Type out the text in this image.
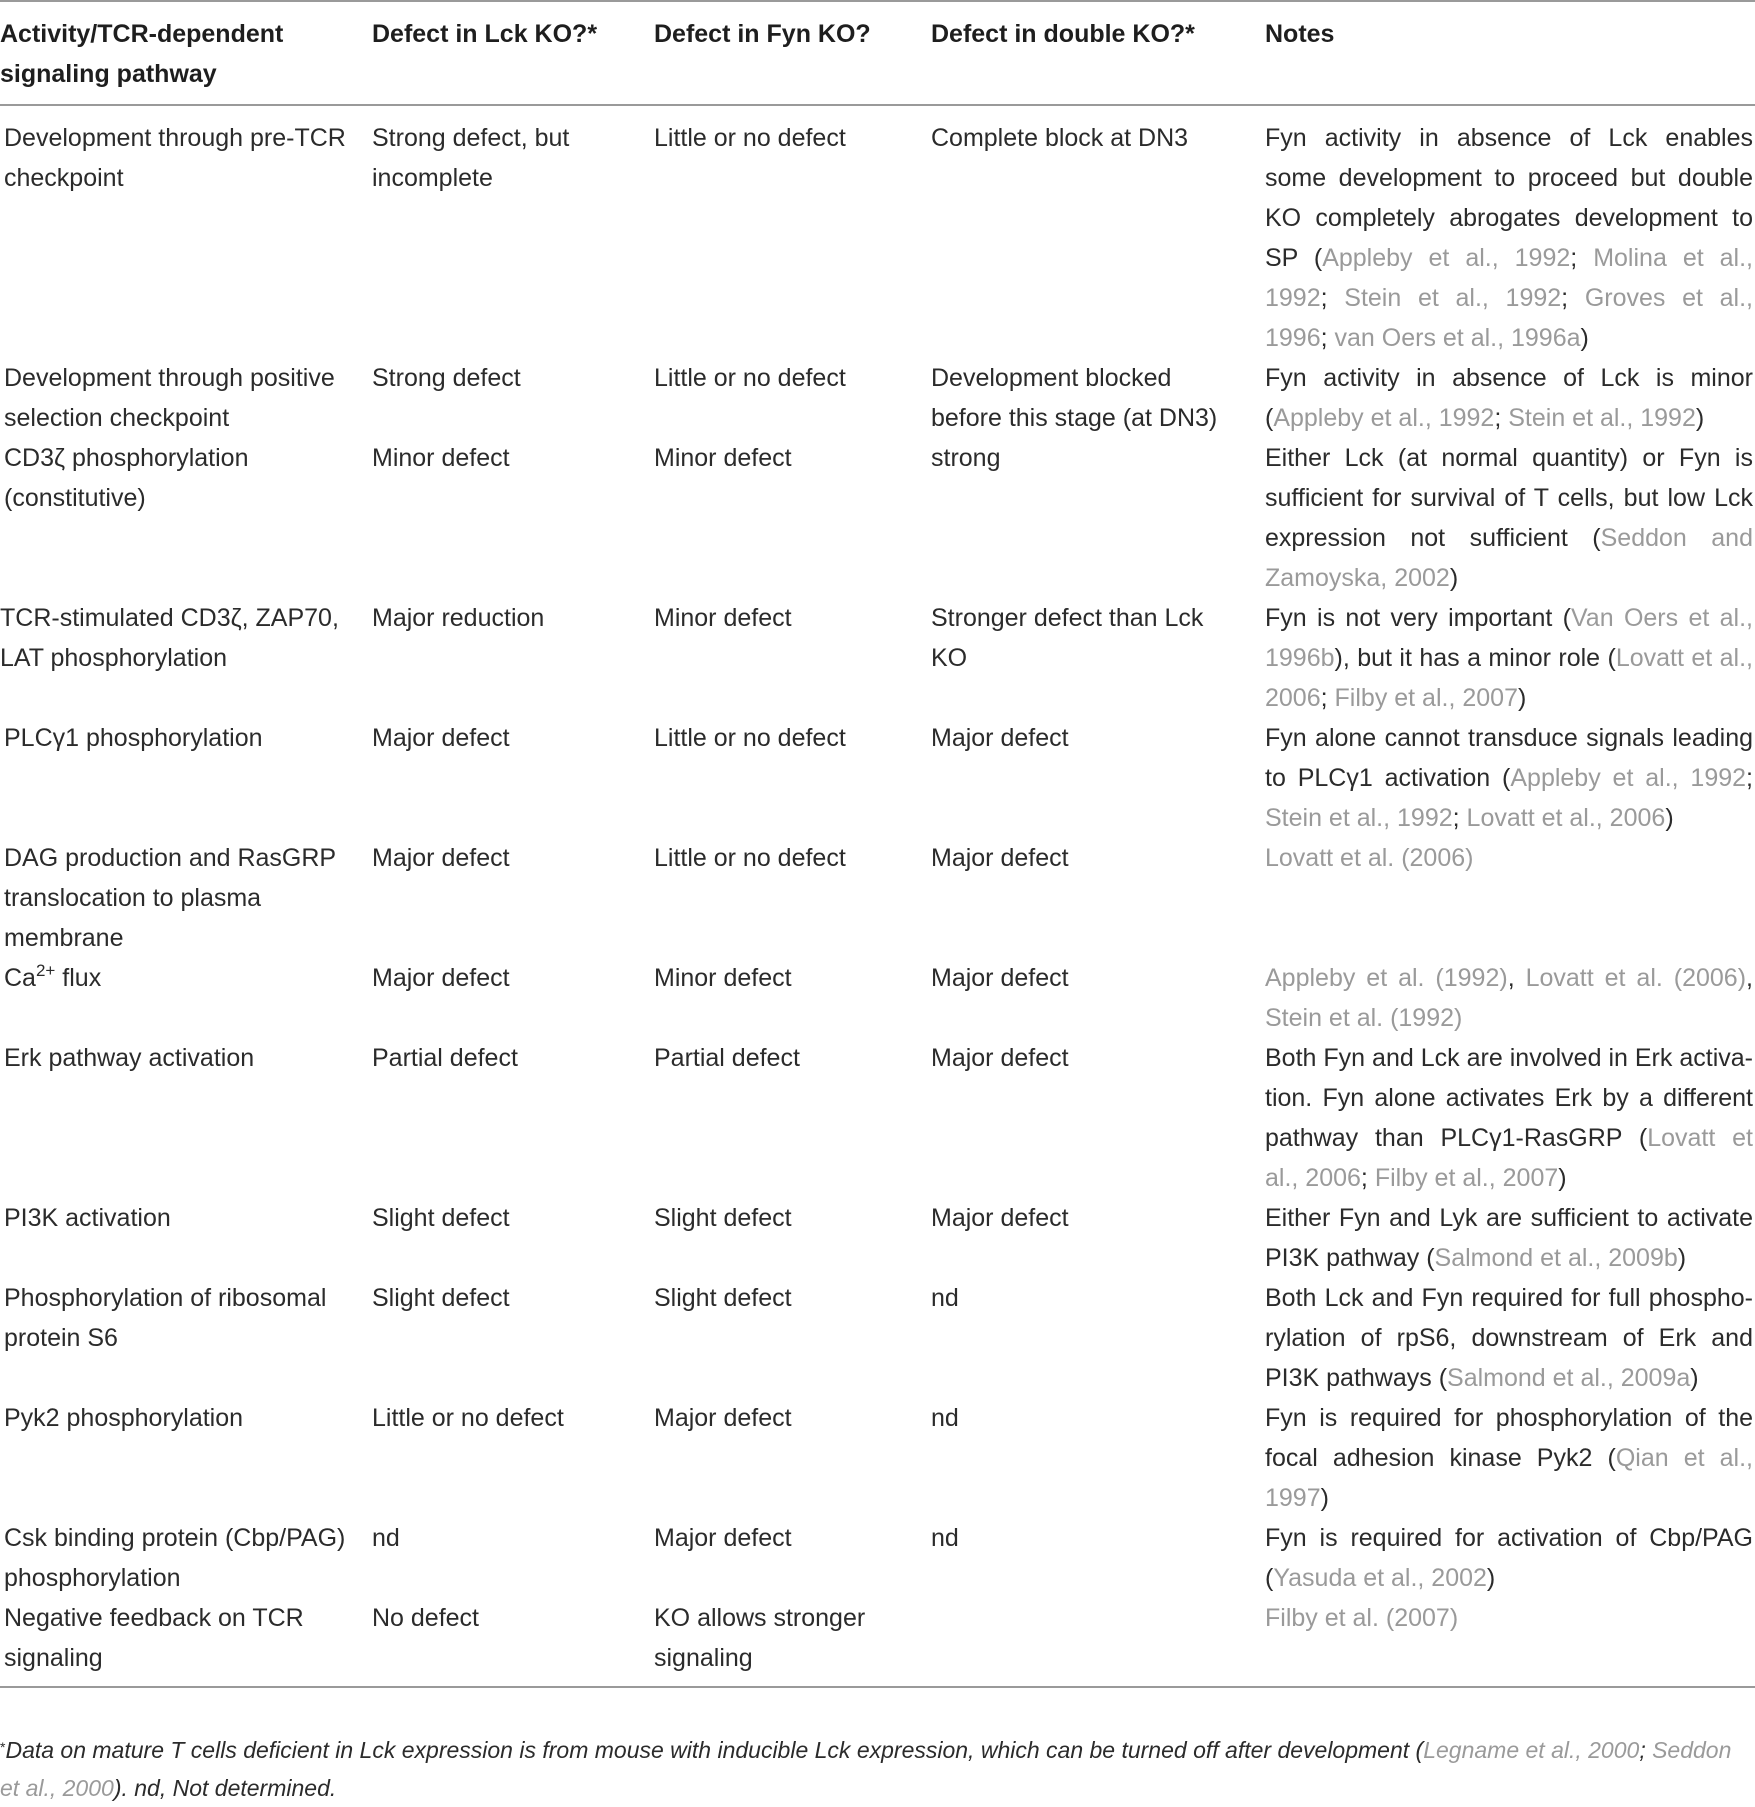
Activity/TCR-dependent signaling pathway	Defect in Lck KO?*	Defect in Fyn KO?	Defect in double KO?*	Notes
Development through pre-TCR checkpoint	Strong defect, but incomplete	Little or no defect	Complete block at DN3	Fyn activity in absence of Lck enables some development to proceed but double KO completely abrogates development to SP (Appleby et al., 1992; Molina et al., 1992; Stein et al., 1992; Groves et al., 1996; van Oers et al., 1996a)
Development through positive selection checkpoint	Strong defect	Little or no defect	Development blocked before this stage (at DN3)	Fyn activity in absence of Lck is minor (Appleby et al., 1992; Stein et al., 1992)
CD3ζ phosphorylation (constitutive)	Minor defect	Minor defect	strong	Either Lck (at normal quantity) or Fyn is sufficient for survival of T cells, but low Lck expression not sufficient (Seddon and Zamoyska, 2002)
TCR-stimulated CD3ζ, ZAP70, LAT phosphorylation	Major reduction	Minor defect	Stronger defect than Lck KO	Fyn is not very important (Van Oers et al., 1996b), but it has a minor role (Lovatt et al., 2006; Filby et al., 2007)
PLCγ1 phosphorylation	Major defect	Little or no defect	Major defect	Fyn alone cannot transduce signals leading to PLCγ1 activation (Appleby et al., 1992; Stein et al., 1992; Lovatt et al., 2006)
DAG production and RasGRP translocation to plasma membrane	Major defect	Little or no defect	Major defect	Lovatt et al. (2006)
$Ca^{2+}$ flux	Major defect	Minor defect	Major defect	Appleby et al. (1992), Lovatt et al. (2006), Stein et al. (1992)
Erk pathway activation	Partial defect	Partial defect	Major defect	Both Fyn and Lck are involved in Erk activa-tion. Fyn alone activates Erk by a different pathway than PLCγ1-RasGRP (Lovatt et al., 2006; Filby et al., 2007)
PI3K activation	Slight defect	Slight defect	Major defect	Either Fyn and Lyk are sufficient to activate PI3K pathway (Salmond et al., 2009b)
Phosphorylation of ribosomal protein S6	Slight defect	Slight defect	nd	Both Lck and Fyn required for full phospho-rylation of rpS6, downstream of Erk and PI3K pathways (Salmond et al., 2009a)
Pyk2 phosphorylation	Little or no defect	Major defect	nd	Fyn is required for phosphorylation of the focal adhesion kinase Pyk2 (Qian et al., 1997)
Csk binding protein (Cbp/PAG) phosphorylation	nd	Major defect	nd	Fyn is required for activation of Cbp/PAG (Yasuda et al., 2002)
Negative feedback on TCR signaling	No defect	KO allows stronger signaling		Filby et al. (2007)
*Data on mature T cells deficient in Lck expression is from mouse with inducible Lck expression, which can be turned off after development (Legname et al., 2000; Seddon et al., 2000). nd, Not determined.
